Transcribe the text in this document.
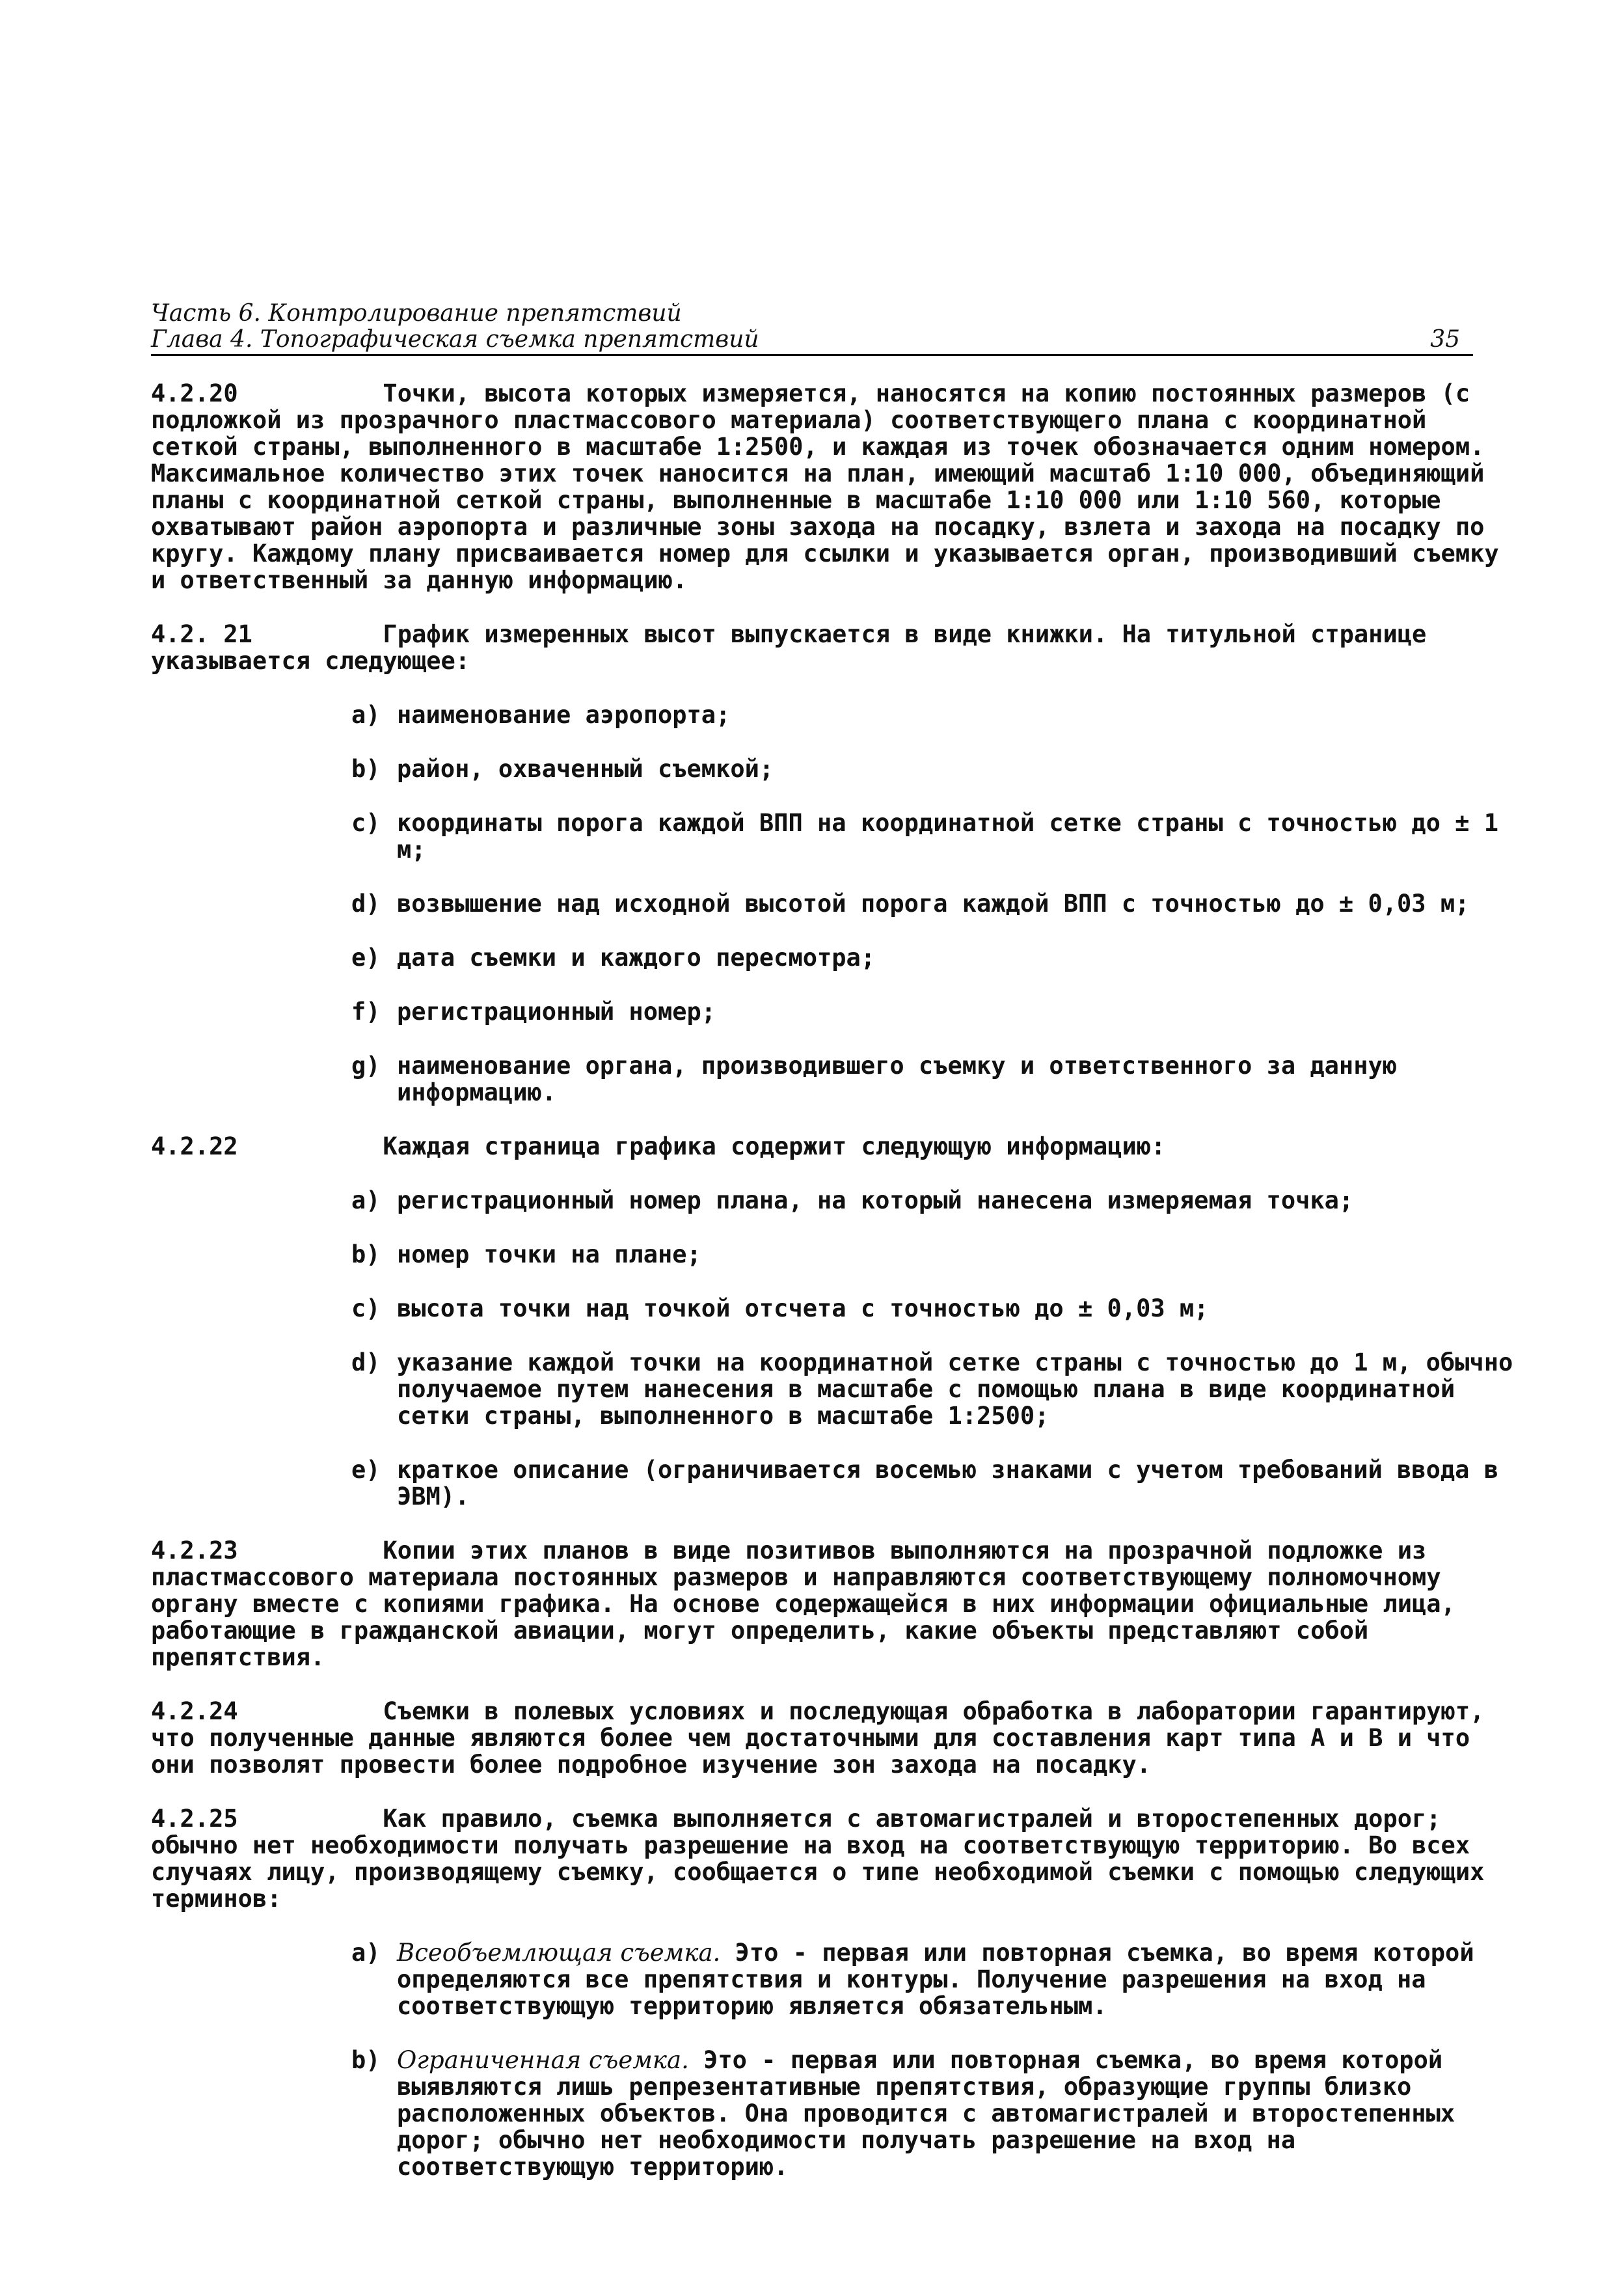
Часть 6. Контролирование препятствий
Глава 4. Топографическая съемка препятствий	35

4.2.20	Точки, высота которых измеряется, наносятся на копию постоянных размеров (с подложкой из прозрачного пластмассового материала) соответствующего плана с координатной сеткой страны, выполненного в масштабе 1:2500, и каждая из точек обозначается одним номером. Максимальное количество этих точек наносится на план, имеющий масштаб 1:10 000, объединяющий планы с координатной сеткой страны, выполненные в масштабе 1:10 000 или 1:10 560, которые охватывают район аэропорта и различные зоны захода на посадку, взлета и захода на посадку по кругу. Каждому плану присваивается номер для ссылки и указывается орган, производивший съемку и ответственный за данную информацию.

4.2. 21	График измеренных высот выпускается в виде книжки. На титульной странице указывается следующее:

a) наименование аэропорта;
b) район, охваченный съемкой;
c) координаты порога каждой ВПП на координатной сетке страны с точностью до ± 1 м;
d) возвышение над исходной высотой порога каждой ВПП с точностью до ± 0,03 м;
e) дата съемки и каждого пересмотра;
f) регистрационный номер;
g) наименование органа, производившего съемку и ответственного за данную информацию.

4.2.22	Каждая страница графика содержит следующую информацию:

a) регистрационный номер плана, на который нанесена измеряемая точка;
b) номер точки на плане;
c) высота точки над точкой отсчета с точностью до ± 0,03 м;
d) указание каждой точки на координатной сетке страны с точностью до 1 м, обычно получаемое путем нанесения в масштабе с помощью плана в виде координатной сетки страны, выполненного в масштабе 1:2500;
e) краткое описание (ограничивается восемью знаками с учетом требований ввода в ЭВМ).

4.2.23	Копии этих планов в виде позитивов выполняются на прозрачной подложке из пластмассового материала постоянных размеров и направляются соответствующему полномочному органу вместе с копиями графика. На основе содержащейся в них информации официальные лица, работающие в гражданской авиации, могут определить, какие объекты представляют собой препятствия.

4.2.24	Съемки в полевых условиях и последующая обработка в лаборатории гарантируют, что полученные данные являются более чем достаточными для составления карт типа А и В и что они позволят провести более подробное изучение зон захода на посадку.

4.2.25	Как правило, съемка выполняется с автомагистралей и второстепенных дорог; обычно нет необходимости получать разрешение на вход на соответствующую территорию. Во всех случаях лицу, производящему съемку, сообщается о типе необходимой съемки с помощью следующих терминов:

a) Всеобъемлющая съемка. Это - первая или повторная съемка, во время которой определяются все препятствия и контуры. Получение разрешения на вход на соответствующую территорию является обязательным.
b) Ограниченная съемка. Это - первая или повторная съемка, во время которой выявляются лишь репрезентативные препятствия, образующие группы близко расположенных объектов. Она проводится с автомагистралей и второстепенных дорог; обычно нет необходимости получать разрешение на вход на соответствующую территорию.
